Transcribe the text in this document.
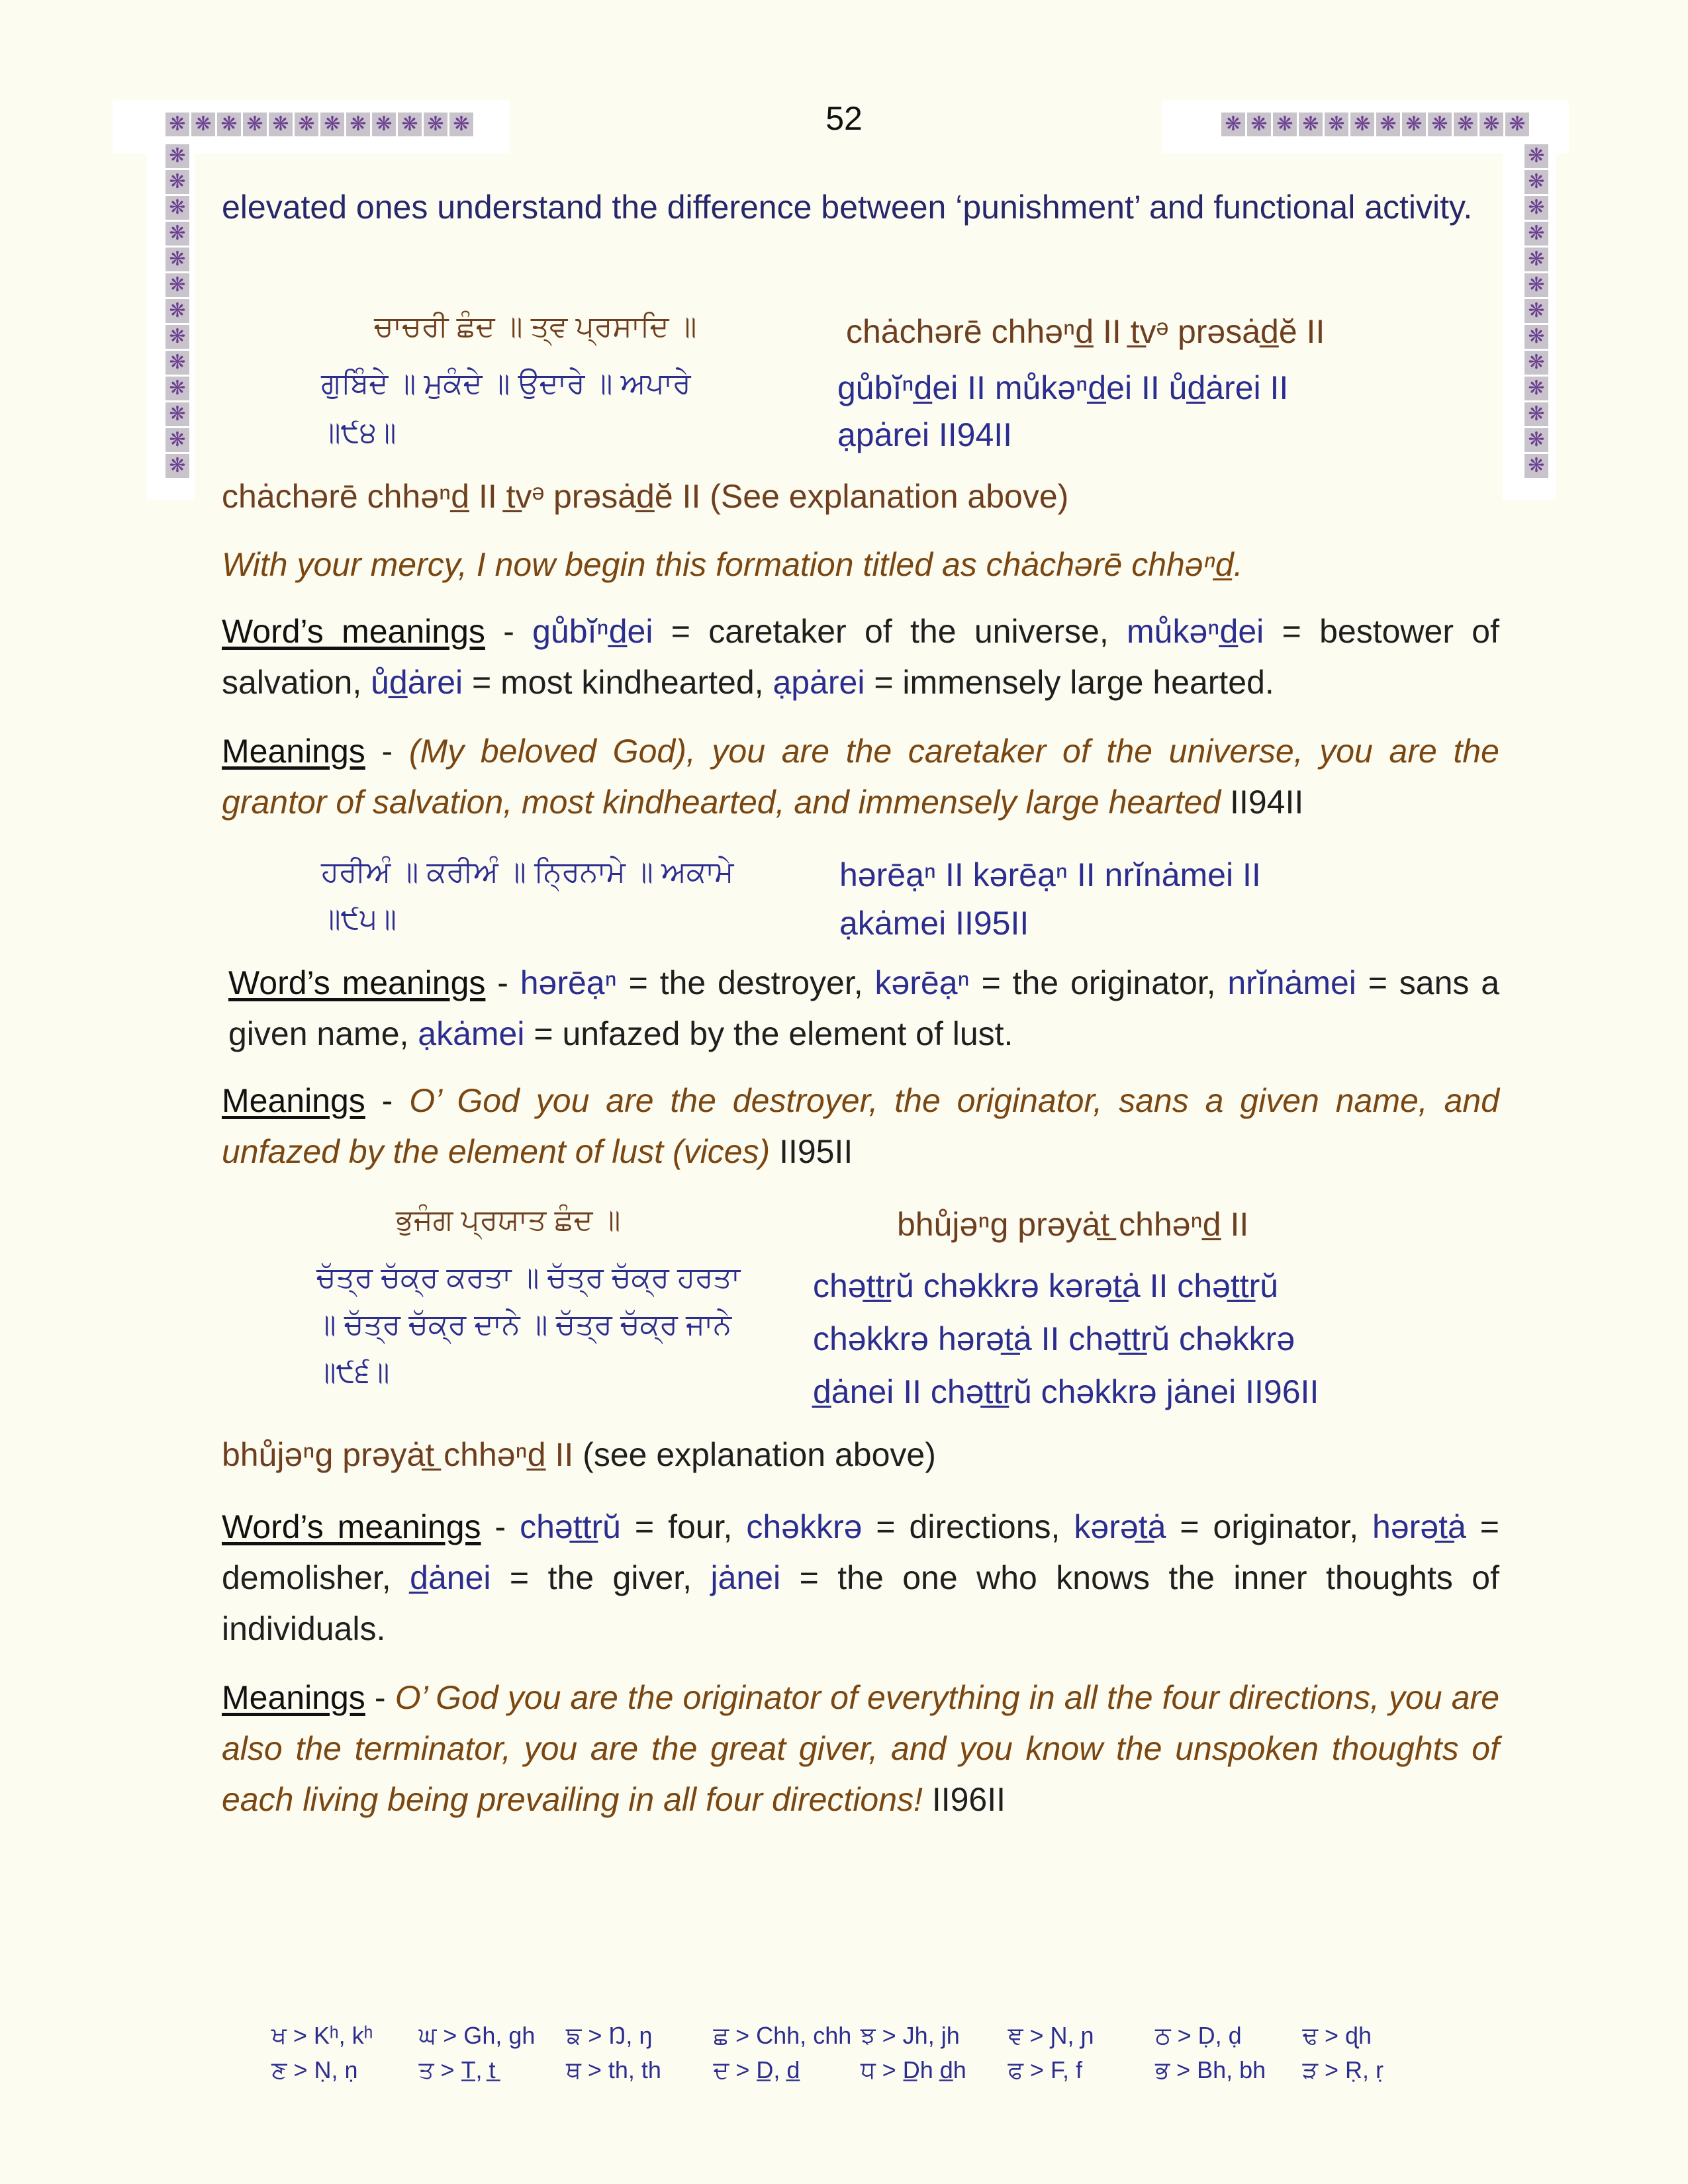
❋ ❋ ❋ ❋ ❋ ❋ ❋ ❋ ❋ ❋ ❋ ❋
❋
❋
❋
❋
❋
❋
❋
❋
❋
❋
❋
❋
❋
❋ ❋ ❋ ❋ ❋ ❋ ❋ ❋ ❋ ❋ ❋ ❋
❋
❋
❋
❋
❋
❋
❋
❋
❋
❋
❋
❋
❋
52
elevated ones understand the difference between ‘punishment’ and functional activity.
ਚਾਚਰੀ ਛੰਦ ॥ ਤ੍ਵ ਪ੍ਰਸਾਦਿ ॥	chȧchərē chhəⁿd̲ II t̲vᵊ prəsȧd̲ĕ II
ਗੁਬਿੰਦੇ ॥ ਮੁਕੰਦੇ ॥ ਉਦਾਰੇ ॥ ਅਪਾਰੇ
॥੯੪॥
gůbĭⁿd̲ei II můkəⁿd̲ei II ůd̲ȧrei II
ạpȧrei II94II
chȧchərē chhəⁿd̲ II t̲vᵊ prəsȧd̲ĕ II (See explanation above)
With your mercy, I now begin this formation titled as chȧchərē chhəⁿd̲.
Word’s meanings - gůbĭⁿd̲ei = caretaker of the universe, můkəⁿd̲ei = bestower of salvation, ůd̲ȧrei = most kindhearted, ạpȧrei = immensely large hearted.
Meanings - (My beloved God), you are the caretaker of the universe, you are the grantor of salvation, most kindhearted, and immensely large hearted II94II
ਹਰੀਅੰ ॥ ਕਰੀਅੰ ॥ ਨ੍ਰਿਨਾਮੇ ॥ ਅਕਾਮੇ
॥੯੫॥
hərēạⁿ II kərēạⁿ II nrĭnȧmei II
ạkȧmei II95II
Word’s meanings - hərēạⁿ = the destroyer, kərēạⁿ = the originator, nrĭnȧmei = sans a given name, ạkȧmei = unfazed by the element of lust.
Meanings - O’ God you are the destroyer, the originator, sans a given name, and unfazed by the element of lust (vices) II95II
ਭੁਜੰਗ ਪ੍ਰਯਾਤ ਛੰਦ ॥	bhůjəⁿg prəyȧt̲ chhəⁿd̲ II
ਚੱਤ੍ਰ ਚੱਕ੍ਰ ਕਰਤਾ ॥ ਚੱਤ੍ਰ ਚੱਕ੍ਰ ਹਰਤਾ
॥ ਚੱਤ੍ਰ ਚੱਕ੍ਰ ਦਾਨੇ ॥ ਚੱਤ੍ਰ ਚੱਕ੍ਰ ਜਾਨੇ
॥੯੬॥
chət̲t̲rŭ chəkkrə kərət̲ȧ II chət̲t̲rŭ
chəkkrə hərət̲ȧ II chət̲t̲rŭ chəkkrə
d̲ȧnei II chət̲t̲rŭ chəkkrə jȧnei II96II
bhůjəⁿg prəyȧt̲ chhəⁿd̲ II (see explanation above)
Word’s meanings - chət̲t̲rŭ = four, chəkkrə = directions, kərət̲ȧ = originator, hərət̲ȧ = demolisher, d̲ȧnei = the giver, jȧnei = the one who knows the inner thoughts of individuals.
Meanings - O’ God you are the originator of everything in all the four directions, you are also the terminator, you are the great giver, and you know the unspoken thoughts of each living being prevailing in all four directions! II96II
ਖ > Kʰ, kʰ	ਘ > Gh, gh	ਙ > Ŋ, ŋ	ਛ > Chh, chh ਝ > Jh, jh	ਞ > Ɲ, ɲ	ਠ > Ḍ, ḍ	ਢ > ɖh
ਣ > Ṇ, ṇ	ਤ > T̲, t̲	ਥ > th, th	ਦ > D̲, d̲	ਧ > D̲h d̲h	ਫ > F, f	ਭ > Bh, bh	ੜ > Ṛ, ṛ
